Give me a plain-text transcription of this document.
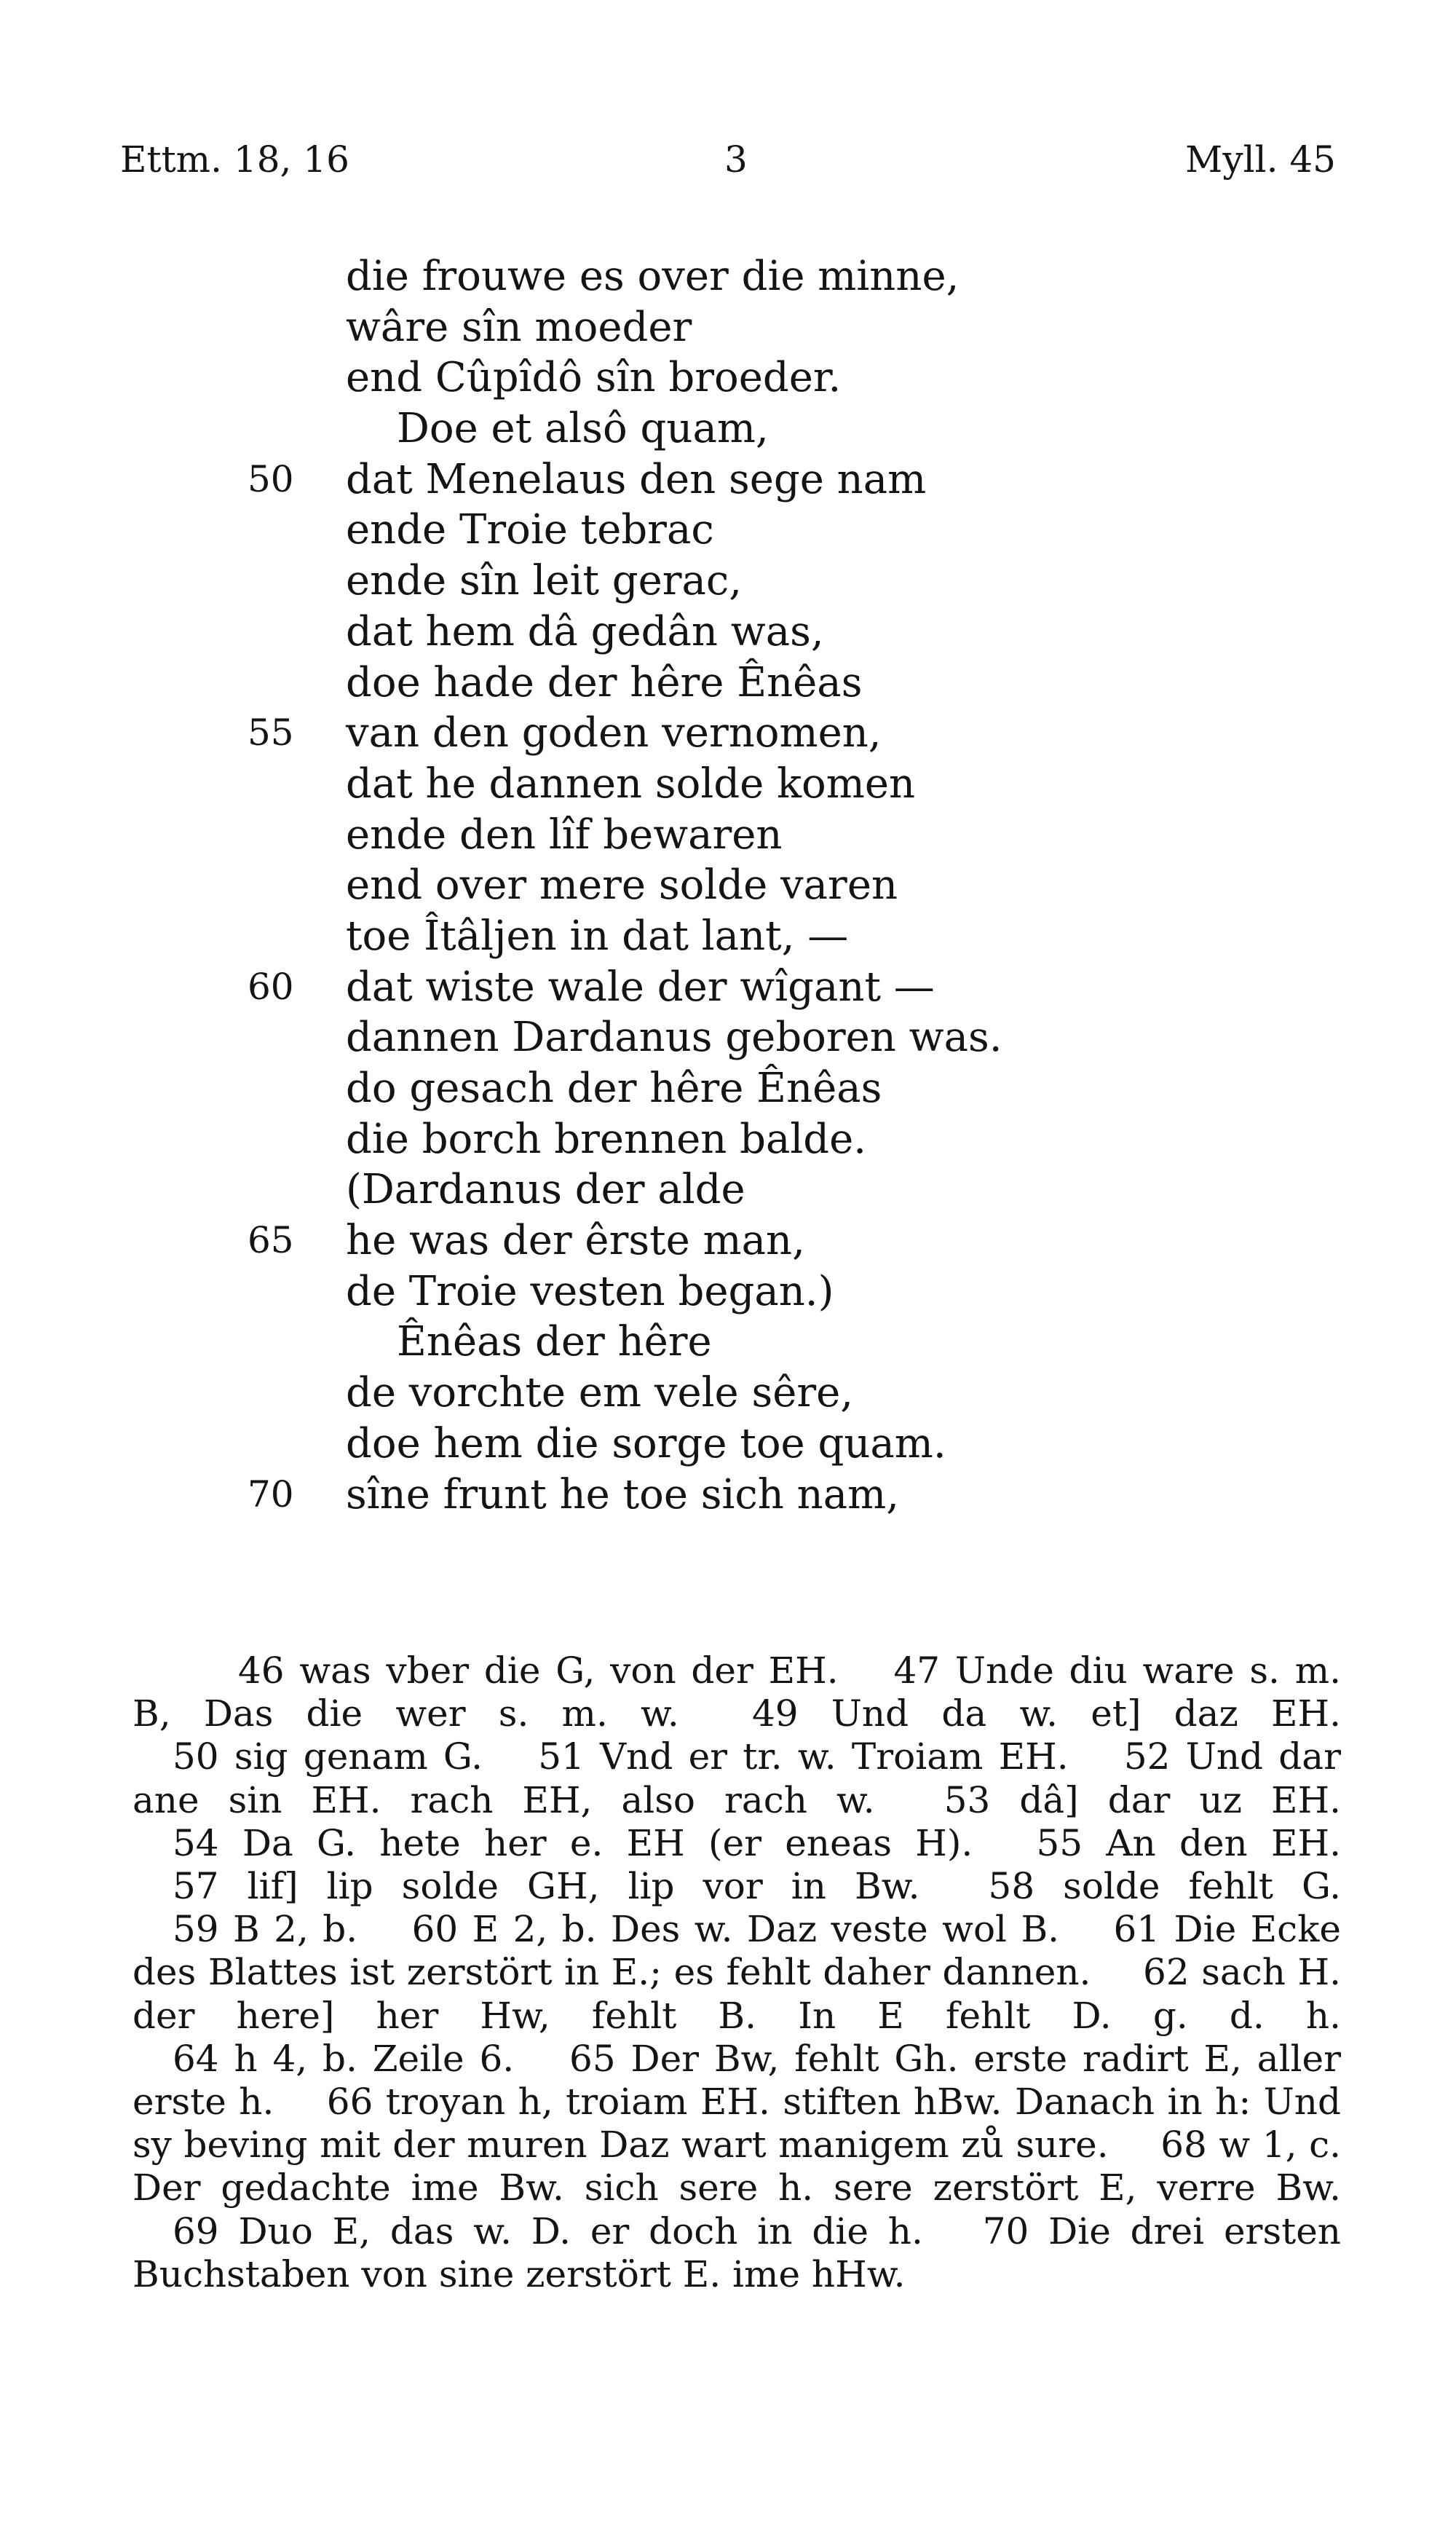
Ettm. 18, 16	3	Myll. 45
die frouwe es over die minne,
wâre sîn moeder
end Cûpîdô sîn broeder.
Doe et alsô quam,
50 dat Menelaus den sege nam
ende Troie tebrac
ende sîn leit gerac,
dat hem dâ gedân was,
doe hade der hêre Ênêas
55 van den goden vernomen,
dat he dannen solde komen
ende den lîf bewaren
end over mere solde varen
toe Îtâljen in dat lant, —
60 dat wiste wale der wîgant —
dannen Dardanus geboren was.
do gesach der hêre Ênêas
die borch brennen balde.
(Dardanus der alde
65 he was der êrste man,
de Troie vesten began.)
Ênêas der hêre
de vorchte em vele sêre,
doe hem die sorge toe quam.
70 sîne frunt he toe sich nam,

46 was vber die G, von der EH. 47 Unde diu ware s. m. B, Das die wer s. m. w. 49 Und da w. et] daz EH. 50 sig genam G. 51 Vnd er tr. w. Troiam EH. 52 Und dar ane sin EH. rach EH, also rach w. 53 dâ] dar uz EH. 54 Da G. hete her e. EH (er eneas H). 55 An den EH. 57 lif] lip solde GH, lip vor in Bw. 58 solde fehlt G. 59 B 2, b. 60 E 2, b. Des w. Daz veste wol B. 61 Die Ecke des Blattes ist zerstört in E.; es fehlt daher dannen. 62 sach H. der here] her Hw, fehlt B. In E fehlt D. g. d. h. 64 h 4, b. Zeile 6. 65 Der Bw, fehlt Gh. erste radirt E, aller erste h. 66 troyan h, troiam EH. stiften hBw. Danach in h: Und sy beving mit der muren Daz wart manigem zů sure. 68 w 1, c. Der gedachte ime Bw. sich sere h. sere zerstört E, verre Bw. 69 Duo E, das w. D. er doch in die h. 70 Die drei ersten Buchstaben von sine zerstört E. ime hHw.
